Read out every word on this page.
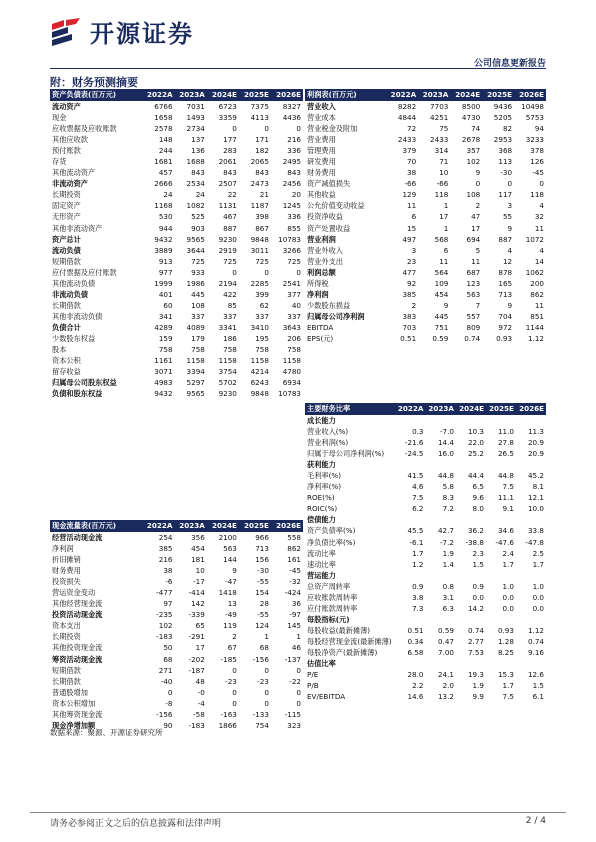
开源证券
公司信息更新报告
附：财务预测摘要
资产负债表(百万元)	2022A	2023A	2024E	2025E	2026E
流动资产	6766	7031	6723	7375	8327
现金	1658	1493	3359	4113	4436
应收票据及应收账款	2578	2734	0	0	0
其他应收款	148	137	177	171	216
预付账款	244	136	283	182	336
存货	1681	1688	2061	2065	2495
其他流动资产	457	843	843	843	843
非流动资产	2666	2534	2507	2473	2456
长期投资	24	24	22	21	20
固定资产	1168	1082	1131	1187	1245
无形资产	530	525	467	398	336
其他非流动资产	944	903	887	867	855
资产总计	9432	9565	9230	9848	10783
流动负债	3889	3644	2919	3011	3266
短期借款	913	725	725	725	725
应付票据及应付账款	977	933	0	0	0
其他流动负债	1999	1986	2194	2285	2541
非流动负债	401	445	422	399	377
长期借款	60	108	85	62	40
其他非流动负债	341	337	337	337	337
负债合计	4289	4089	3341	3410	3643
少数股东权益	159	179	186	195	206
股本	758	758	758	758	758
资本公积	1161	1158	1158	1158	1158
留存收益	3071	3394	3754	4214	4780
归属母公司股东权益	4983	5297	5702	6243	6934
负债和股东权益	9432	9565	9230	9848	10783
利润表(百万元)	2022A	2023A	2024E	2025E	2026E
营业收入	8282	7703	8500	9436	10498
营业成本	4844	4251	4730	5205	5753
营业税金及附加	72	75	74	82	94
营业费用	2433	2433	2678	2953	3233
管理费用	379	314	357	368	378
研发费用	70	71	102	113	126
财务费用	38	10	9	-30	-45
资产减值损失	-66	-66	0	0	0
其他收益	129	118	108	117	118
公允价值变动收益	11	1	2	3	4
投资净收益	6	17	47	55	32
资产处置收益	15	1	17	9	11
营业利润	497	568	694	887	1072
营业外收入	3	6	5	4	4
营业外支出	23	11	11	12	14
利润总额	477	564	687	878	1062
所得税	92	109	123	165	200
净利润	385	454	563	713	862
少数股东损益	2	9	7	9	11
归属母公司净利润	383	445	557	704	851
EBITDA	703	751	809	972	1144
EPS(元)	0.51	0.59	0.74	0.93	1.12
主要财务比率	2022A	2023A	2024E	2025E	2026E
成长能力					
营业收入(%)	0.3	-7.0	10.3	11.0	11.3
营业利润(%)	-21.6	14.4	22.0	27.8	20.9
归属于母公司净利润(%)	-24.5	16.0	25.2	26.5	20.9
获利能力					
毛利率(%)	41.5	44.8	44.4	44.8	45.2
净利率(%)	4.6	5.8	6.5	7.5	8.1
ROE(%)	7.5	8.3	9.6	11.1	12.1
ROIC(%)	6.2	7.2	8.0	9.1	10.0
偿债能力					
资产负债率(%)	45.5	42.7	36.2	34.6	33.8
净负债比率(%)	-6.1	-7.2	-38.8	-47.6	-47.8
流动比率	1.7	1.9	2.3	2.4	2.5
速动比率	1.2	1.4	1.5	1.7	1.7
营运能力					
总资产周转率	0.9	0.8	0.9	1.0	1.0
应收账款周转率	3.8	3.1	0.0	0.0	0.0
应付账款周转率	7.3	6.3	14.2	0.0	0.0
每股指标(元)					
每股收益(最新摊薄)	0.51	0.59	0.74	0.93	1.12
每股经营现金流(最新摊薄)	0.34	0.47	2.77	1.28	0.74
每股净资产(最新摊薄)	6.58	7.00	7.53	8.25	9.16
估值比率					
P/E	28.0	24.1	19.3	15.3	12.6
P/B	2.2	2.0	1.9	1.7	1.5
EV/EBITDA	14.6	13.2	9.9	7.5	6.1
现金流量表(百万元)	2022A	2023A	2024E	2025E	2026E
经营活动现金流	254	356	2100	966	558
净利润	385	454	563	713	862
折旧摊销	216	181	144	156	161
财务费用	38	10	9	-30	-45
投资损失	-6	-17	-47	-55	-32
营运资金变动	-477	-414	1418	154	-424
其他经营现金流	97	142	13	28	36
投资活动现金流	-235	-339	-49	-55	-97
资本支出	102	65	119	124	145
长期投资	-183	-291	2	1	1
其他投资现金流	50	17	67	68	46
筹资活动现金流	68	-202	-185	-156	-137
短期借款	271	-187	0	0	0
长期借款	-40	48	-23	-23	-22
普通股增加	0	-0	0	0	0
资本公积增加	-8	-4	0	0	0
其他筹资现金流	-156	-58	-163	-133	-115
现金净增加额	90	-183	1866	754	323
数据来源：聚源、开源证券研究所
请务必参阅正文之后的信息披露和法律声明	2 / 4
